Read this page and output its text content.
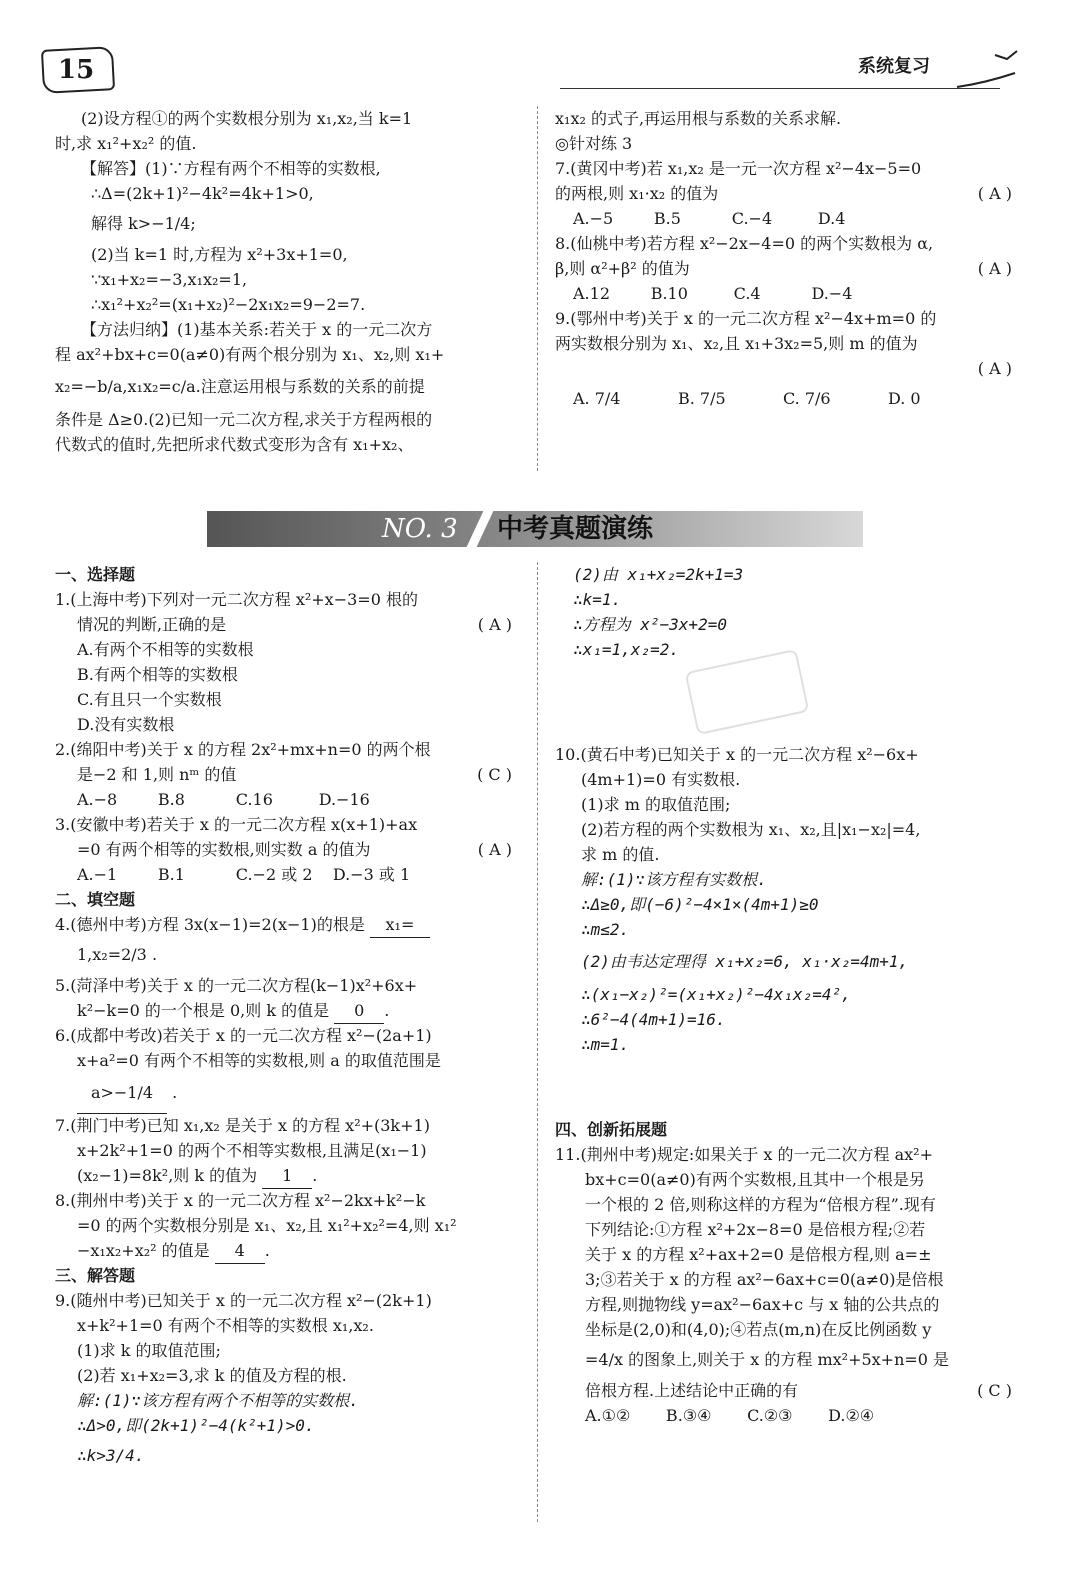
15	系统复习
(2)设方程①的两个实数根分别为 x₁,x₂,当 k=1
时,求 x₁²+x₂² 的值.
【解答】(1)∵方程有两个不相等的实数根,
∴Δ=(2k+1)²−4k²=4k+1>0,
解得 k>−1/4;
(2)当 k=1 时,方程为 x²+3x+1=0,
∵x₁+x₂=−3,x₁x₂=1,
∴x₁²+x₂²=(x₁+x₂)²−2x₁x₂=9−2=7.
【方法归纳】(1)基本关系:若关于 x 的一元二次方
程 ax²+bx+c=0(a≠0)有两个根分别为 x₁、x₂,则 x₁+
x₂=−b/a,x₁x₂=c/a.注意运用根与系数的关系的前提
条件是 Δ≥0.(2)已知一元二次方程,求关于方程两根的
代数式的值时,先把所求代数式变形为含有 x₁+x₂、
x₁x₂ 的式子,再运用根与系数的关系求解.
◎针对练 3
7.(黄冈中考)若 x₁,x₂ 是一元一次方程 x²−4x−5=0
的两根,则 x₁·x₂ 的值为	( A )
A.−5        B.5          C.−4         D.4
8.(仙桃中考)若方程 x²−2x−4=0 的两个实数根为 α,
β,则 α²+β² 的值为	( A )
A.12        B.10         C.4          D.−4
9.(鄂州中考)关于 x 的一元二次方程 x²−4x+m=0 的
两实数根分别为 x₁、x₂,且 x₁+3x₂=5,则 m 的值为
( A )
A. 7/4	B. 7/5	C. 7/6	D. 0
NO. 3 中考真题演练
一、选择题
1.(上海中考)下列对一元二次方程 x²+x−3=0 根的
情况的判断,正确的是	( A )
A.有两个不相等的实数根
B.有两个相等的实数根
C.有且只一个实数根
D.没有实数根
2.(绵阳中考)关于 x 的方程 2x²+mx+n=0 的两个根
是−2 和 1,则 nᵐ 的值	( C )
A.−8        B.8          C.16         D.−16
3.(安徽中考)若关于 x 的一元二次方程 x(x+1)+ax
=0 有两个相等的实数根,则实数 a 的值为	( A )
A.−1        B.1          C.−2 或 2    D.−3 或 1
二、填空题
4.(德州中考)方程 3x(x−1)=2(x−1)的根是 x₁=
1,x₂=2/3 .
5.(菏泽中考)关于 x 的一元二次方程(k−1)x²+6x+
k²−k=0 的一个根是 0,则 k 的值是 0 .
6.(成都中考改)若关于 x 的一元二次方程 x²−(2a+1)
x+a²=0 有两个不相等的实数根,则 a 的取值范围是
a>−1/4 .
7.(荆门中考)已知 x₁,x₂ 是关于 x 的方程 x²+(3k+1)
x+2k²+1=0 的两个不相等实数根,且满足(x₁−1)
(x₂−1)=8k²,则 k 的值为 1 .
8.(荆州中考)关于 x 的一元二次方程 x²−2kx+k²−k
=0 的两个实数根分别是 x₁、x₂,且 x₁²+x₂²=4,则 x₁²
−x₁x₂+x₂² 的值是 4 .
三、解答题
9.(随州中考)已知关于 x 的一元二次方程 x²−(2k+1)
x+k²+1=0 有两个不相等的实数根 x₁,x₂.
(1)求 k 的取值范围;
(2)若 x₁+x₂=3,求 k 的值及方程的根.
解:(1)∵该方程有两个不相等的实数根.
∴Δ>0,即(2k+1)²−4(k²+1)>0.
∴k>3/4.
(2)由 x₁+x₂=2k+1=3
∴k=1.
∴方程为 x²−3x+2=0
∴x₁=1,x₂=2.
10.(黄石中考)已知关于 x 的一元二次方程 x²−6x+
(4m+1)=0 有实数根.
(1)求 m 的取值范围;
(2)若方程的两个实数根为 x₁、x₂,且|x₁−x₂|=4,
求 m 的值.
解:(1)∵该方程有实数根.
∴Δ≥0,即(−6)²−4×1×(4m+1)≥0
∴m≤2.
(2)由韦达定理得 x₁+x₂=6, x₁·x₂=4m+1,
∴(x₁−x₂)²=(x₁+x₂)²−4x₁x₂=4²,
∴6²−4(4m+1)=16.
∴m=1.
四、创新拓展题
11.(荆州中考)规定:如果关于 x 的一元二次方程 ax²+
bx+c=0(a≠0)有两个实数根,且其中一个根是另
一个根的 2 倍,则称这样的方程为“倍根方程”.现有
下列结论:①方程 x²+2x−8=0 是倍根方程;②若
关于 x 的方程 x²+ax+2=0 是倍根方程,则 a=±
3;③若关于 x 的方程 ax²−6ax+c=0(a≠0)是倍根
方程,则抛物线 y=ax²−6ax+c 与 x 轴的公共点的
坐标是(2,0)和(4,0);④若点(m,n)在反比例函数 y
=4/x 的图象上,则关于 x 的方程 mx²+5x+n=0 是
倍根方程.上述结论中正确的有	( C )
A.①②       B.③④       C.②③       D.②④
